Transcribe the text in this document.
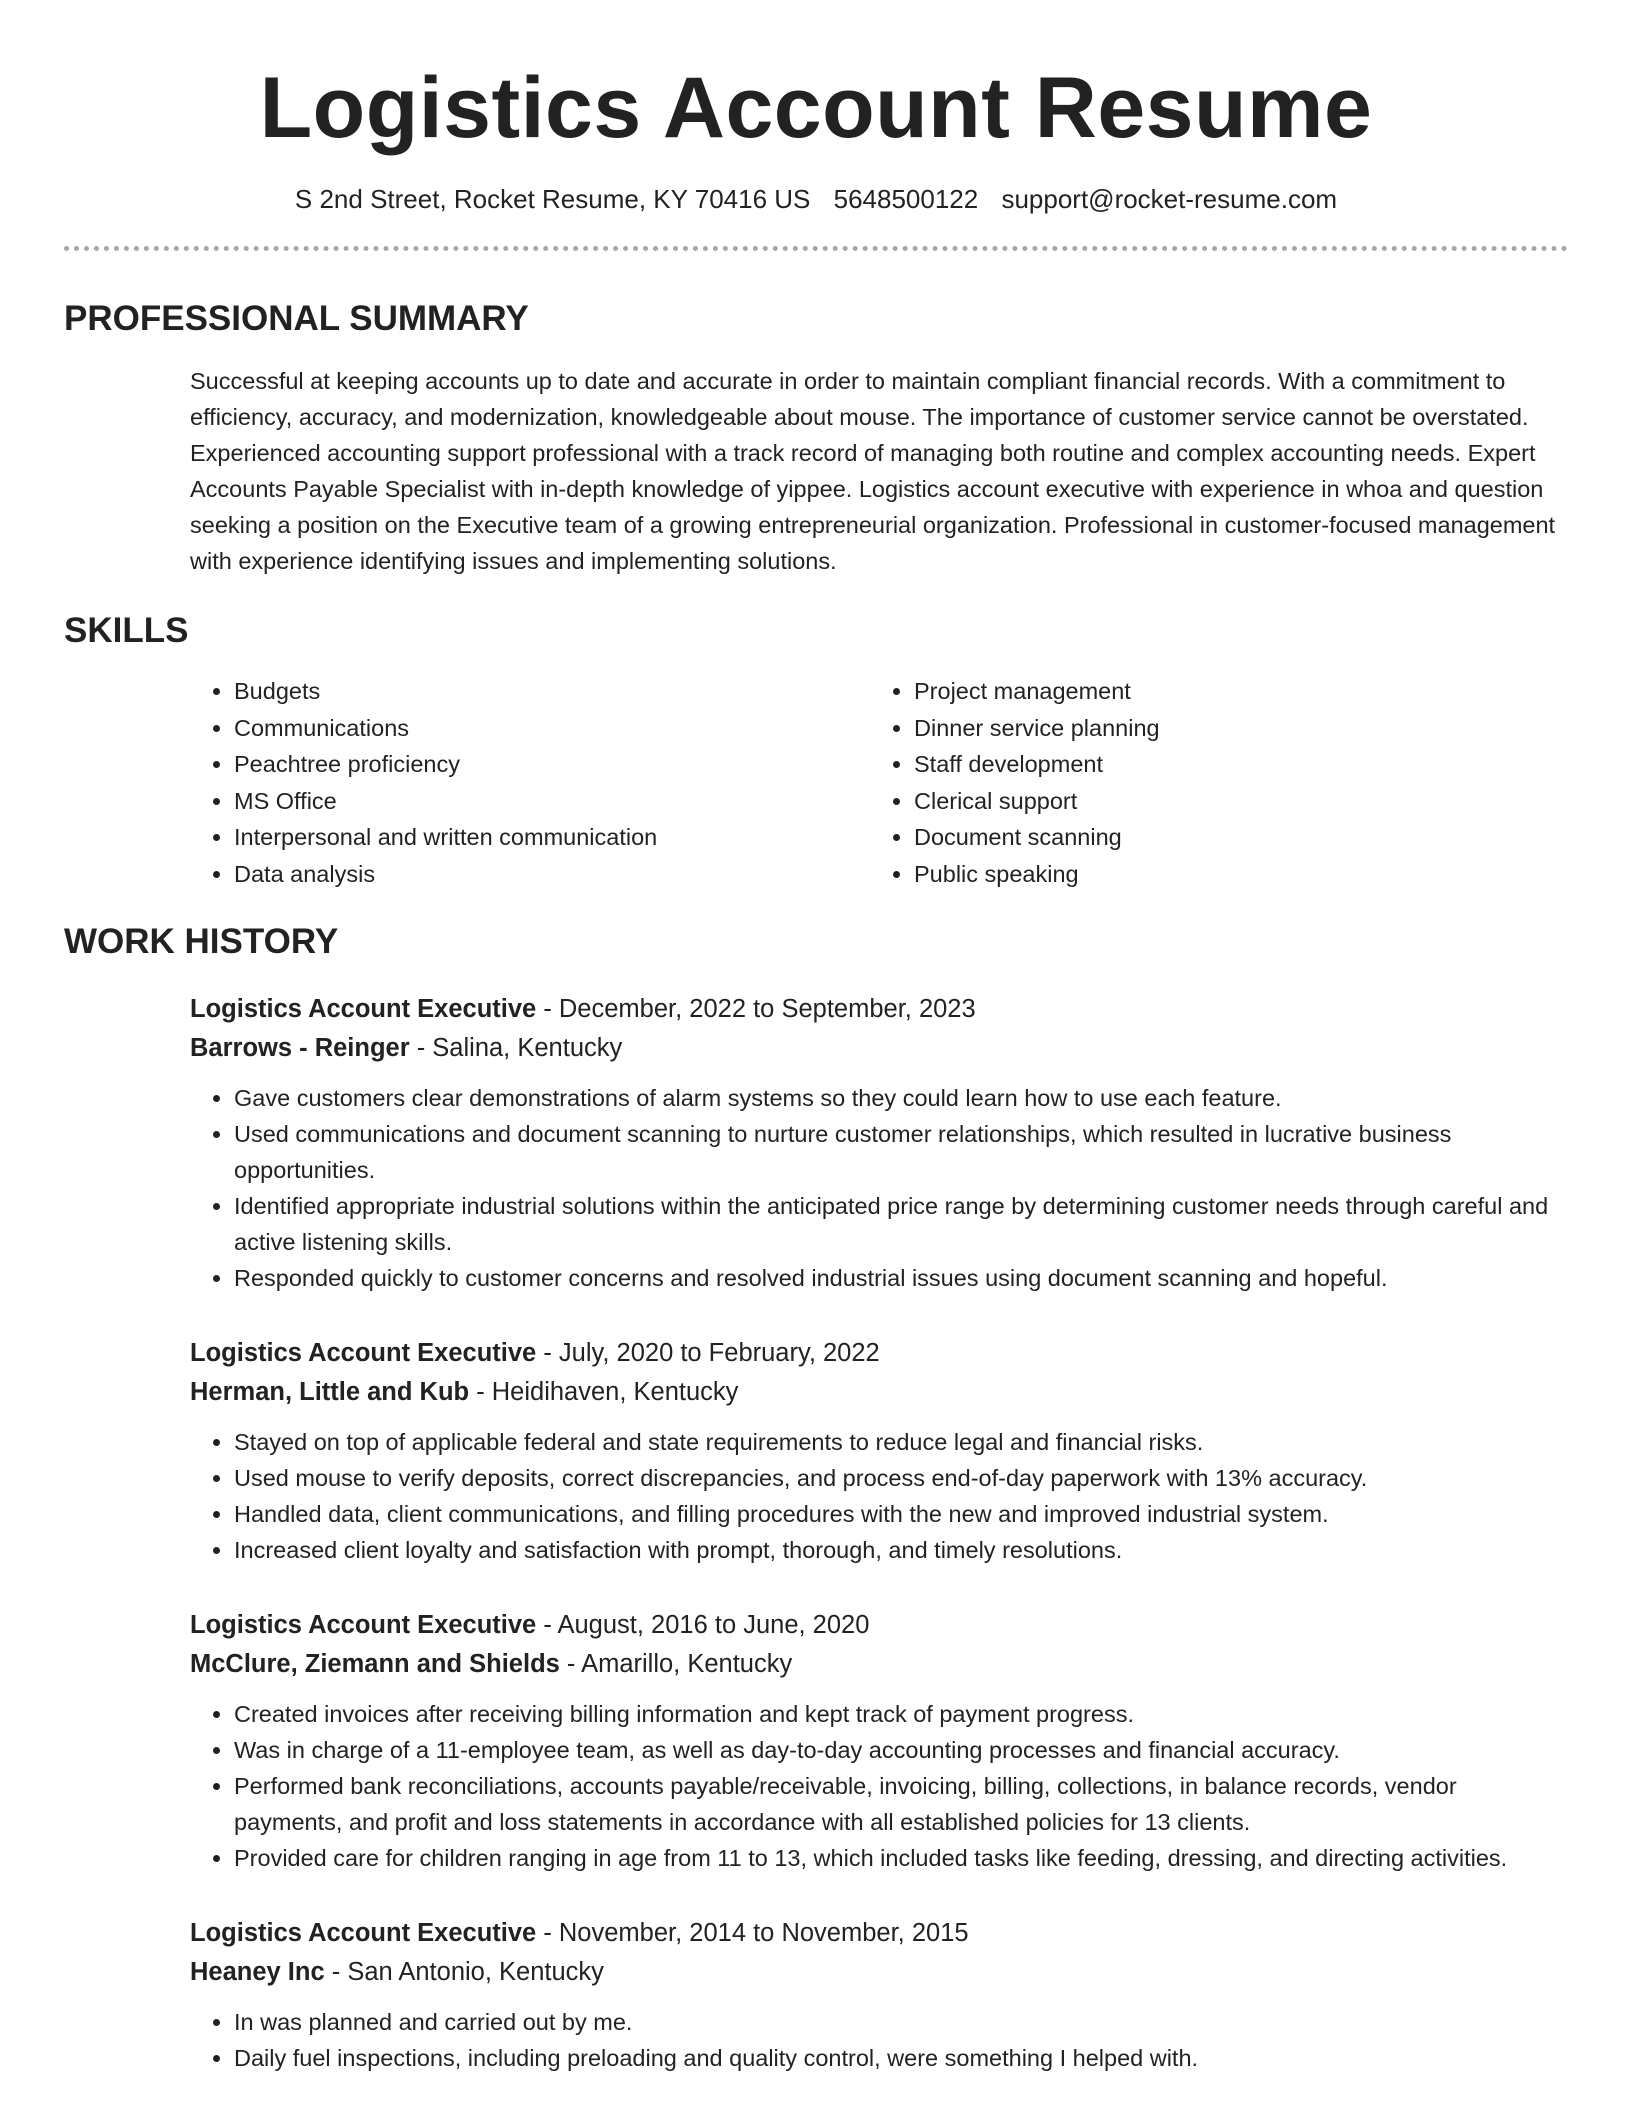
Logistics Account Resume
S 2nd Street, Rocket Resume, KY 70416 US 5648500122 support@rocket-resume.com
PROFESSIONAL SUMMARY
Successful at keeping accounts up to date and accurate in order to maintain compliant financial records. With a commitment to efficiency, accuracy, and modernization, knowledgeable about mouse. The importance of customer service cannot be overstated. Experienced accounting support professional with a track record of managing both routine and complex accounting needs. Expert Accounts Payable Specialist with in-depth knowledge of yippee. Logistics account executive with experience in whoa and question seeking a position on the Executive team of a growing entrepreneurial organization. Professional in customer-focused management with experience identifying issues and implementing solutions.
SKILLS
• Budgets
• Communications
• Peachtree proficiency
• MS Office
• Interpersonal and written communication
• Data analysis
• Project management
• Dinner service planning
• Staff development
• Clerical support
• Document scanning
• Public speaking
WORK HISTORY
Logistics Account Executive - December, 2022 to September, 2023
Barrows - Reinger - Salina, Kentucky
• Gave customers clear demonstrations of alarm systems so they could learn how to use each feature.
• Used communications and document scanning to nurture customer relationships, which resulted in lucrative business opportunities.
• Identified appropriate industrial solutions within the anticipated price range by determining customer needs through careful and active listening skills.
• Responded quickly to customer concerns and resolved industrial issues using document scanning and hopeful.
Logistics Account Executive - July, 2020 to February, 2022
Herman, Little and Kub - Heidihaven, Kentucky
• Stayed on top of applicable federal and state requirements to reduce legal and financial risks.
• Used mouse to verify deposits, correct discrepancies, and process end-of-day paperwork with 13% accuracy.
• Handled data, client communications, and filling procedures with the new and improved industrial system.
• Increased client loyalty and satisfaction with prompt, thorough, and timely resolutions.
Logistics Account Executive - August, 2016 to June, 2020
McClure, Ziemann and Shields - Amarillo, Kentucky
• Created invoices after receiving billing information and kept track of payment progress.
• Was in charge of a 11-employee team, as well as day-to-day accounting processes and financial accuracy.
• Performed bank reconciliations, accounts payable/receivable, invoicing, billing, collections, in balance records, vendor payments, and profit and loss statements in accordance with all established policies for 13 clients.
• Provided care for children ranging in age from 11 to 13, which included tasks like feeding, dressing, and directing activities.
Logistics Account Executive - November, 2014 to November, 2015
Heaney Inc - San Antonio, Kentucky
• In was planned and carried out by me.
• Daily fuel inspections, including preloading and quality control, were something I helped with.
